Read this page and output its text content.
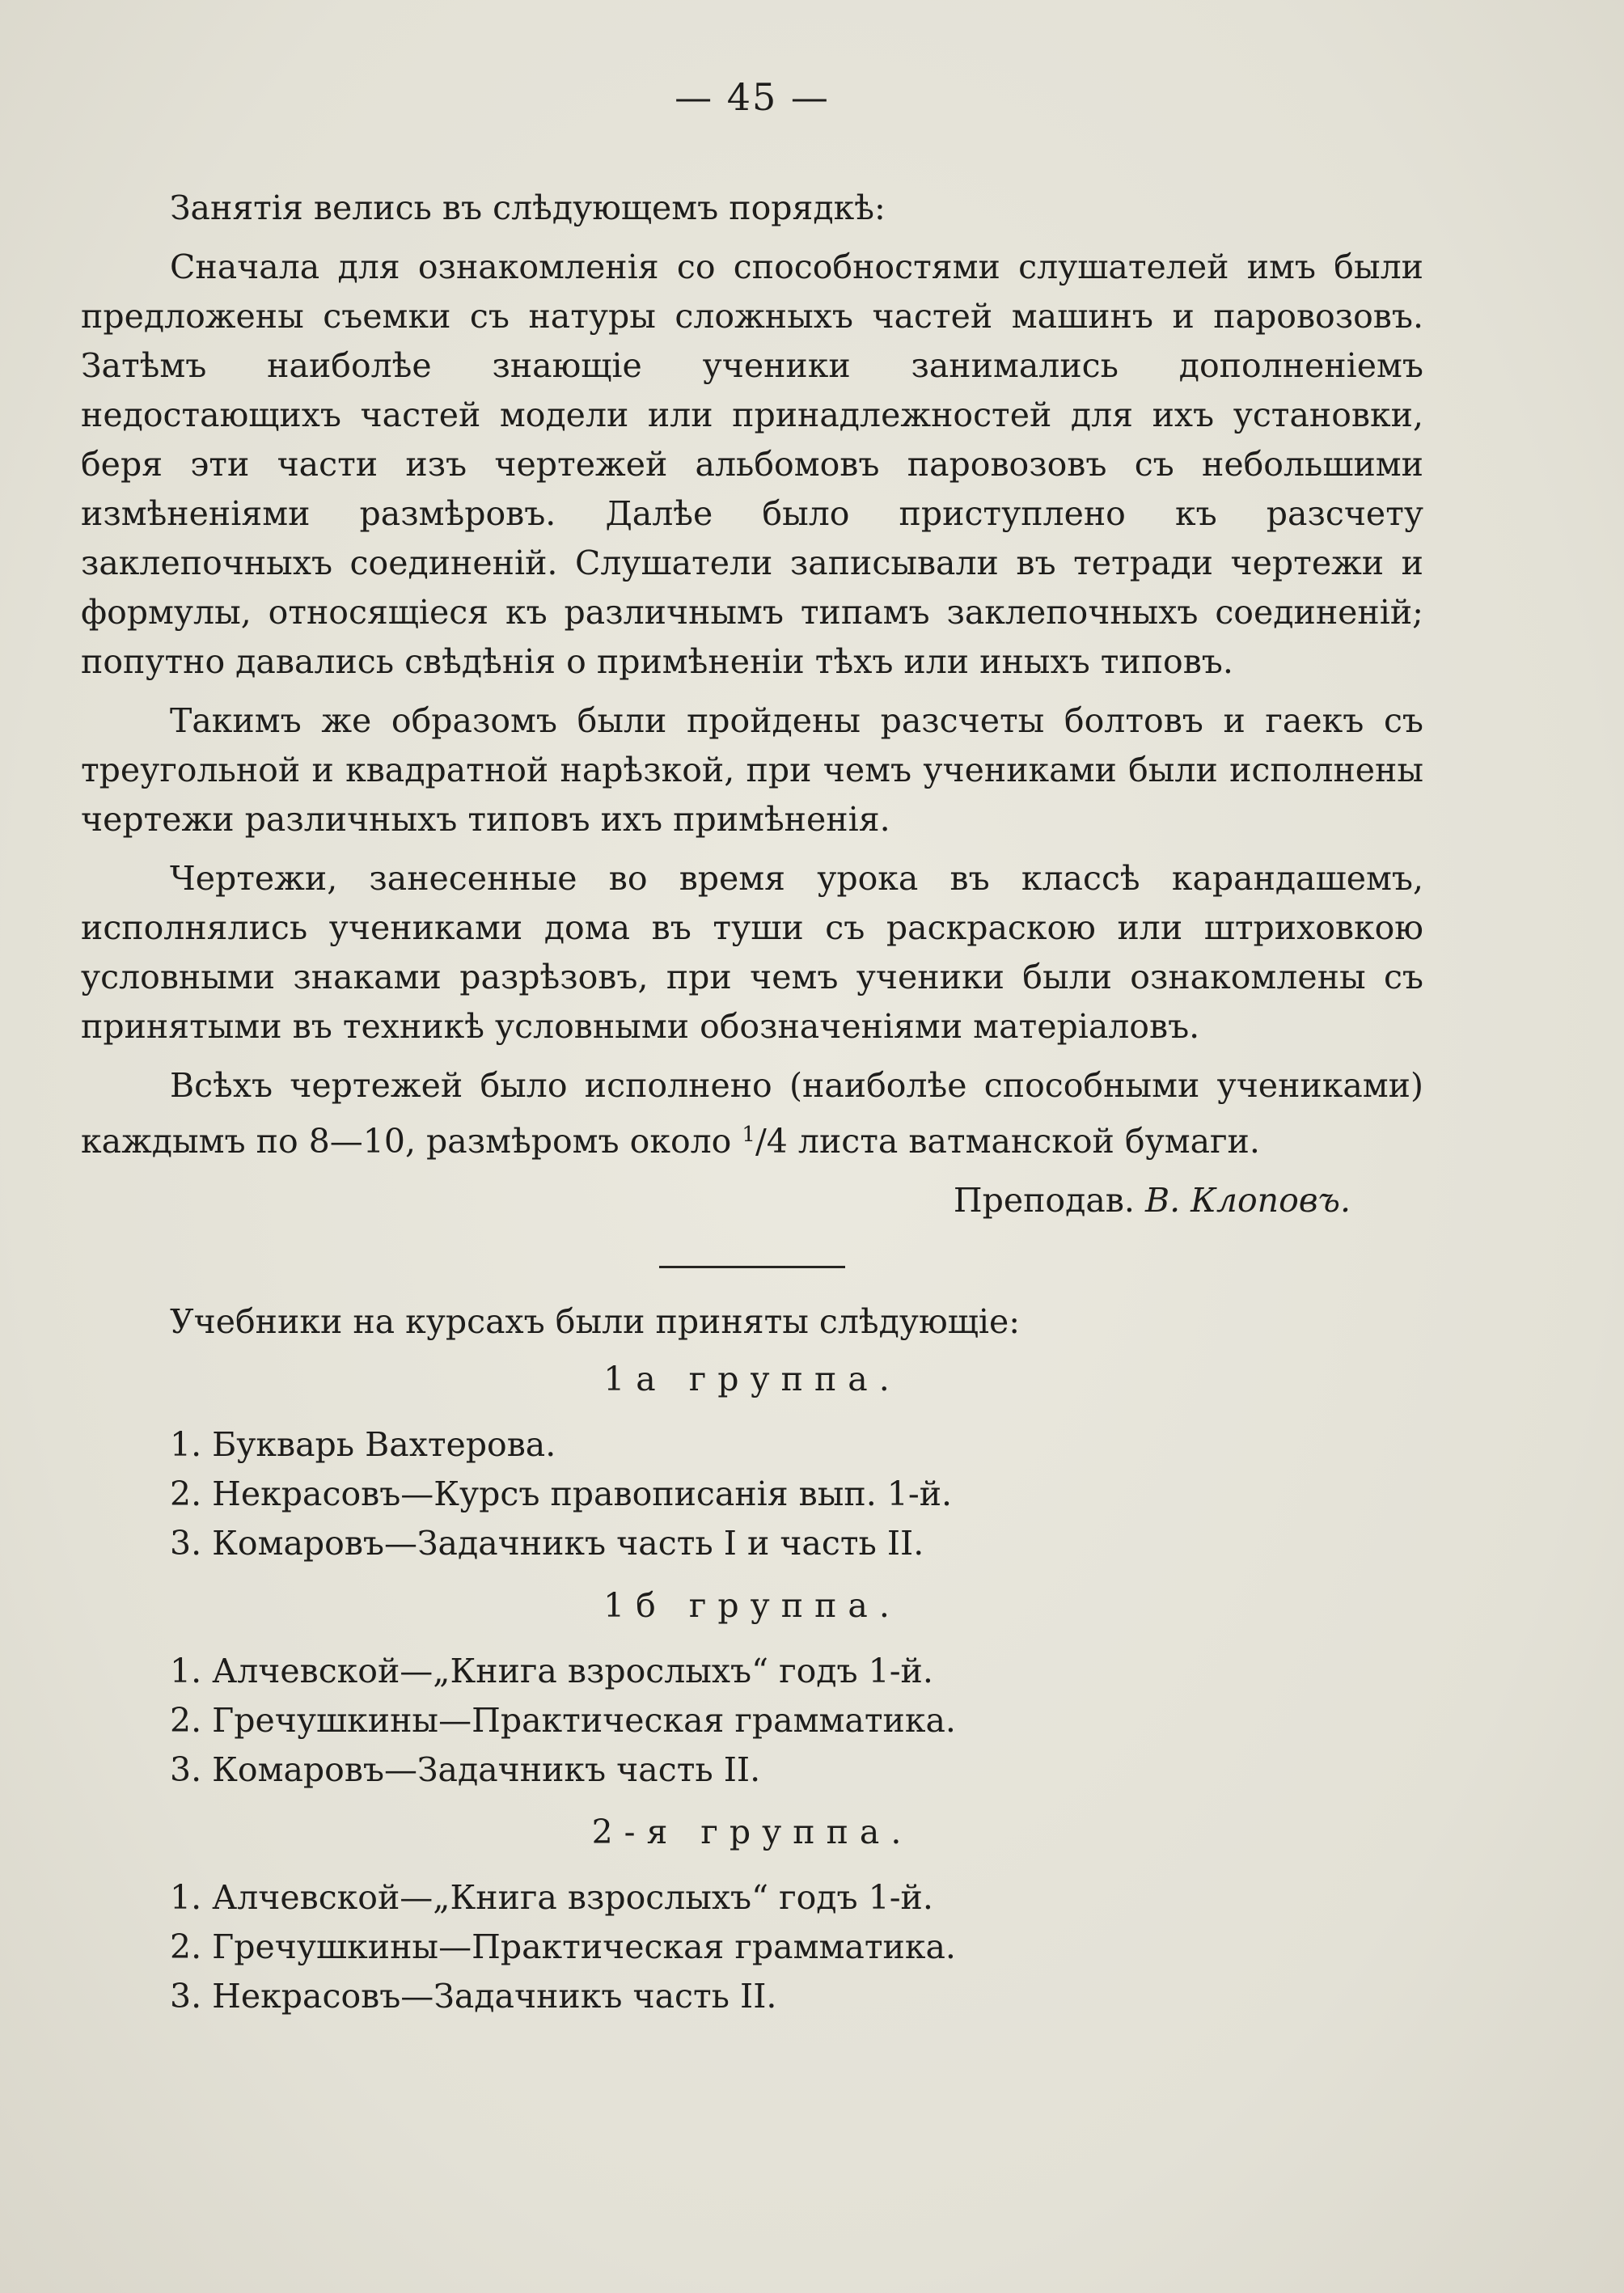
— 45 —

Занятія велись въ слѣдующемъ порядкѣ:

Сначала для ознакомленія со способностями слушателей имъ были предложены съемки съ натуры сложныхъ частей машинъ и паровозовъ. Затѣмъ наиболѣе знающіе ученики занимались дополненіемъ недостающихъ частей модели или принадлежностей для ихъ установки, беря эти части изъ чертежей альбомовъ паровозовъ съ небольшими измѣненіями размѣровъ. Далѣе было приступлено къ разсчету заклепочныхъ соединеній. Слушатели записывали въ тетради чертежи и формулы, относящіеся къ различнымъ типамъ заклепочныхъ соединеній; попутно давались свѣдѣнія о примѣненіи тѣхъ или иныхъ типовъ.

Такимъ же образомъ были пройдены разсчеты болтовъ и гаекъ съ треугольной и квадратной нарѣзкой, при чемъ учениками были исполнены чертежи различныхъ типовъ ихъ примѣненія.

Чертежи, занесенные во время урока въ классѣ карандашемъ, исполнялись учениками дома въ туши съ раскраскою или штриховкою условными знаками разрѣзовъ, при чемъ ученики были ознакомлены съ принятыми въ техникѣ условными обозначеніями матеріаловъ.

Всѣхъ чертежей было исполнено (наиболѣе способными учениками) каждымъ по 8—10, размѣромъ около $^1$/4 листа ватманской бумаги.

Преподав. В. Клоповъ.

Учебники на курсахъ были приняты слѣдующіе:

1а группа.
1. Букварь Вахтерова.
2. Некрасовъ—Курсъ правописанія вып. 1-й.
3. Комаровъ—Задачникъ часть I и часть II.
1б группа.
1. Алчевской—„Книга взрослыхъ“ годъ 1-й.
2. Гречушкины—Практическая грамматика.
3. Комаровъ—Задачникъ часть II.
2-я группа.
1. Алчевской—„Книга взрослыхъ“ годъ 1-й.
2. Гречушкины—Практическая грамматика.
3. Некрасовъ—Задачникъ часть II.
